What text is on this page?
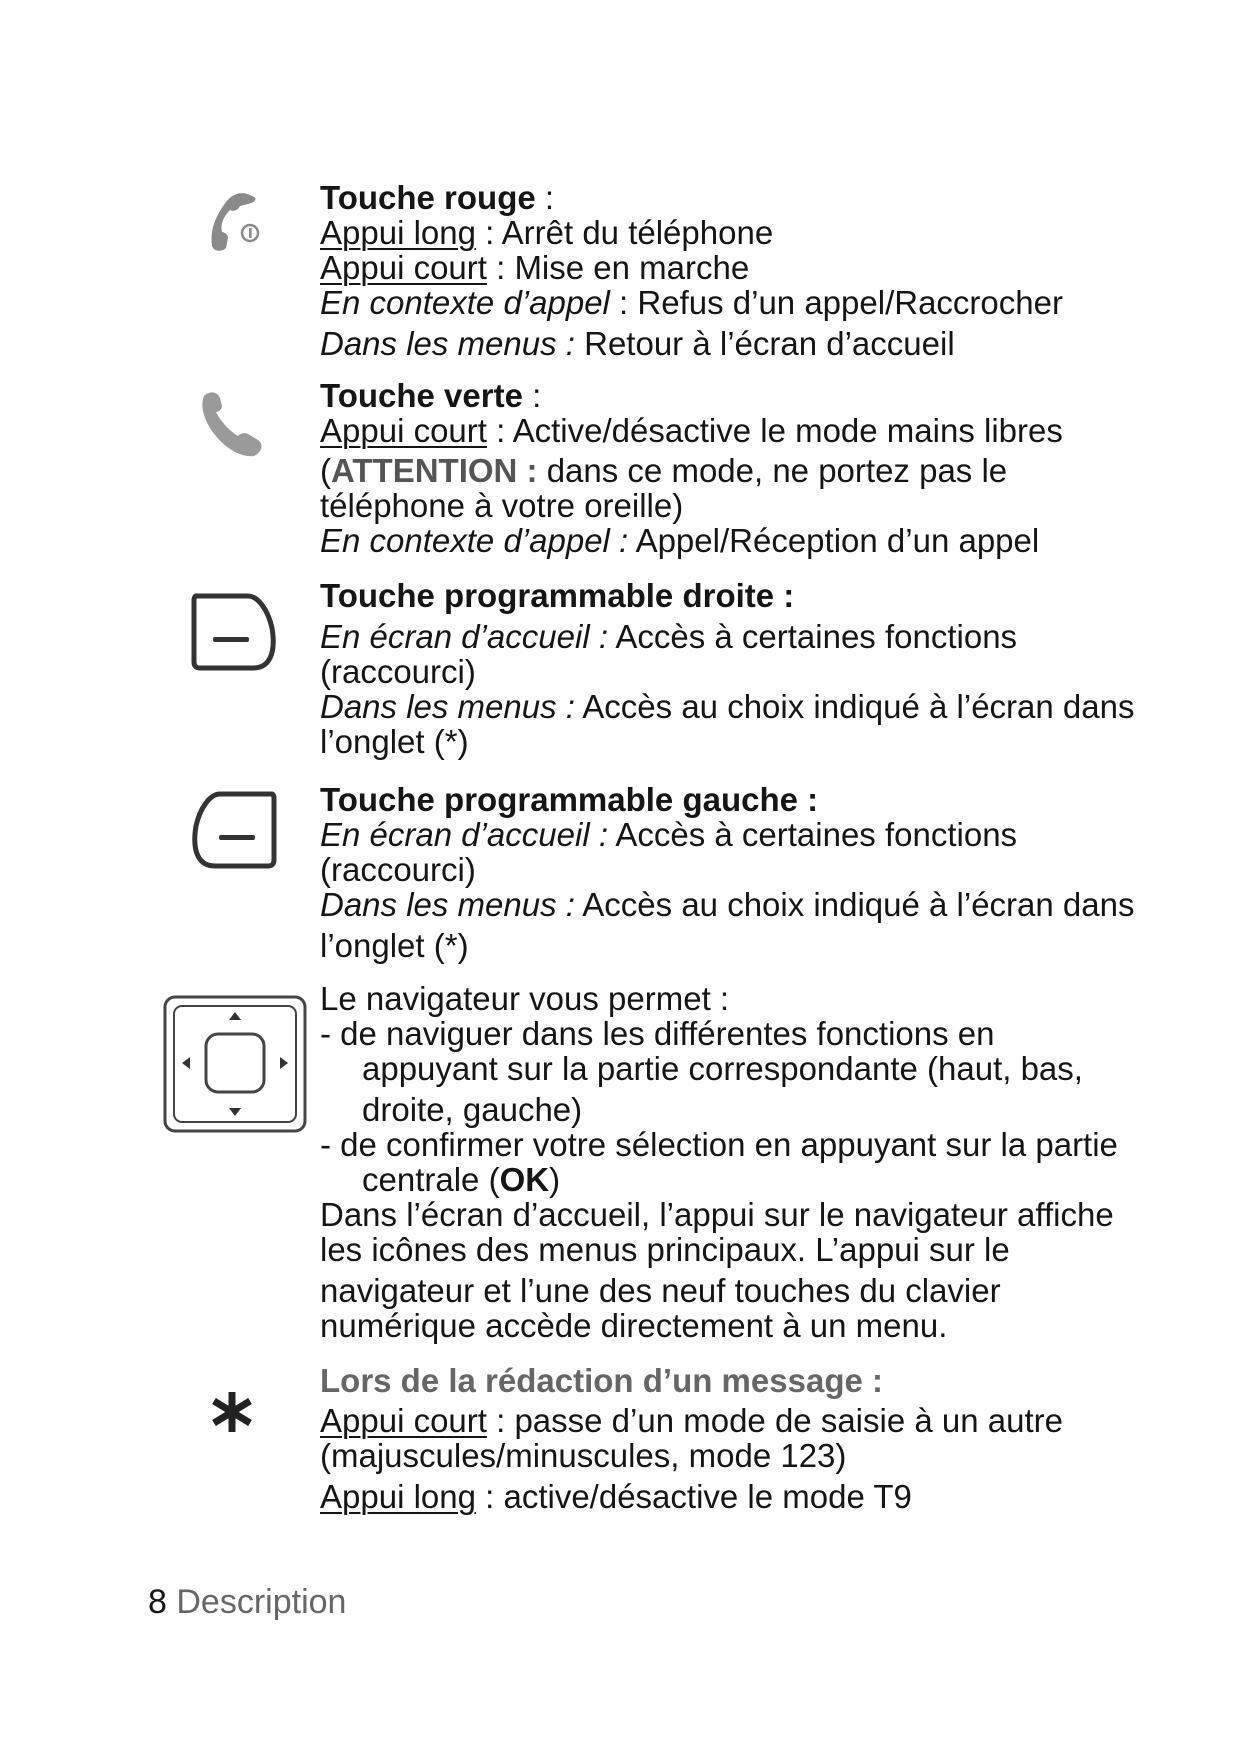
Touche rouge :
Appui long : Arrêt du téléphone
Appui court : Mise en marche
En contexte d’appel : Refus d’un appel/Raccrocher
Dans les menus : Retour à l’écran d’accueil
Touche verte :
Appui court : Active/désactive le mode mains libres
(ATTENTION : dans ce mode, ne portez pas le
téléphone à votre oreille)
En contexte d’appel : Appel/Réception d’un appel
Touche programmable droite :
En écran d’accueil : Accès à certaines fonctions
(raccourci)
Dans les menus : Accès au choix indiqué à l’écran dans
l’onglet (*)
Touche programmable gauche :
En écran d’accueil : Accès à certaines fonctions
(raccourci)
Dans les menus : Accès au choix indiqué à l’écran dans
l’onglet (*)
Le navigateur vous permet :
- de naviguer dans les différentes fonctions en
appuyant sur la partie correspondante (haut, bas,
droite, gauche)
- de confirmer votre sélection en appuyant sur la partie
centrale (OK)
Dans l’écran d’accueil, l’appui sur le navigateur affiche
les icônes des menus principaux. L’appui sur le
navigateur et l’une des neuf touches du clavier
numérique accède directement à un menu.
Lors de la rédaction d’un message :
Appui court : passe d’un mode de saisie à un autre
(majuscules/minuscules, mode 123)
Appui long : active/désactive le mode T9
8 Description
